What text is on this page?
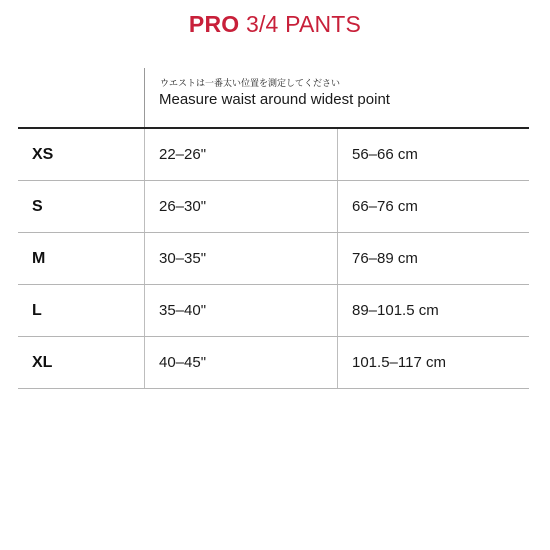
PRO 3/4 PANTS
ウエストは一番太い位置を測定してください
Measure waist around widest point
XS	22–26"	56–66 cm
S	26–30"	66–76 cm
M	30–35"	76–89 cm
L	35–40"	89–101.5 cm
XL	40–45"	101.5–117 cm
